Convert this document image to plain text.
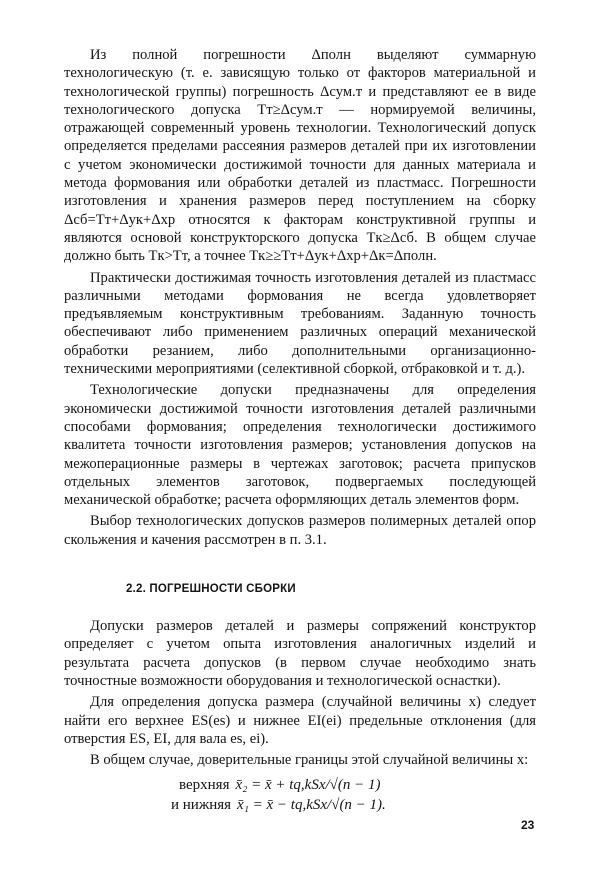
Из полной погрешности Δполн выделяют суммарную технологическую (т. е. зависящую только от факторов материальной и технологической группы) погрешность Δсум.т и представляют ее в виде технологического допуска Tт≥Δсум.т — нормируемой величины, отражающей современный уровень технологии. Технологический допуск определяется пределами рассеяния размеров деталей при их изготовлении с учетом экономически достижимой точности для данных материала и метода формования или обработки деталей из пластмасс. Погрешности изготовления и хранения размеров перед поступлением на сборку Δсб=Tт+Δук+Δхр относятся к факторам конструктивной группы и являются основой конструкторского допуска Tк≥Δсб. В общем случае должно быть Tк>Tт, а точнее Tк≥≥Tт+Δук+Δхр+Δк=Δполн.

Практически достижимая точность изготовления деталей из пластмасс различными методами формования не всегда удовлетворяет предъявляемым конструктивным требованиям. Заданную точность обеспечивают либо применением различных операций механической обработки резанием, либо дополнительными организационно-техническими мероприятиями (селективной сборкой, отбраковкой и т. д.).

Технологические допуски предназначены для определения экономически достижимой точности изготовления деталей различными способами формования; определения технологически достижимого квалитета точности изготовления размеров; установления допусков на межоперационные размеры в чертежах заготовок; расчета припусков отдельных элементов заготовок, подвергаемых последующей механической обработке; расчета оформляющих деталь элементов форм.

Выбор технологических допусков размеров полимерных деталей опор скольжения и качения рассмотрен в п. 3.1.

2.2. ПОГРЕШНОСТИ СБОРКИ

Допуски размеров деталей и размеры сопряжений конструктор определяет с учетом опыта изготовления аналогичных изделий и результата расчета допусков (в первом случае необходимо знать точностные возможности оборудования и технологической оснастки).

Для определения допуска размера (случайной величины x) следует найти его верхнее ES(es) и нижнее EI(ei) предельные отклонения (для отверстия ES, EI, для вала es, ei).

В общем случае, доверительные границы этой случайной величины x:

верхняя x̄₂ = x̄ + tq,kSx/√(n − 1)
и нижняя x̄₁ = x̄ − tq,kSx/√(n − 1).
23
